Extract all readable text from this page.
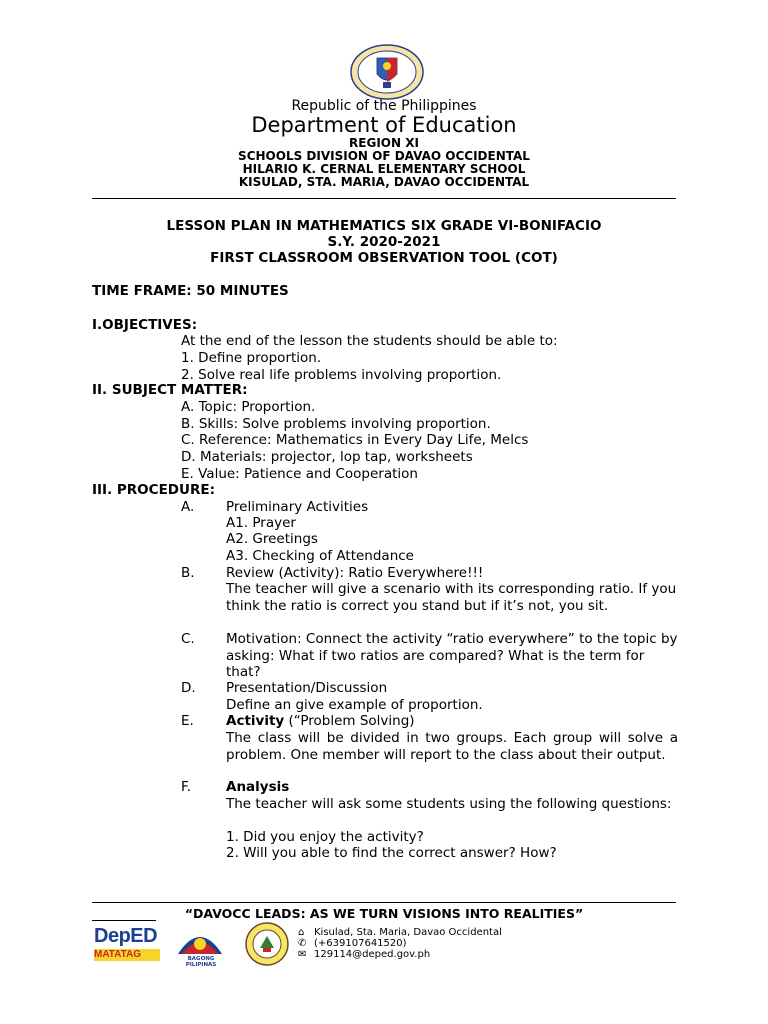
Republic of the Philippines
Department of Education
REGION XI
SCHOOLS DIVISION OF DAVAO OCCIDENTAL
HILARIO K. CERNAL ELEMENTARY SCHOOL
KISULAD, STA. MARIA, DAVAO OCCIDENTAL
LESSON PLAN IN MATHEMATICS SIX GRADE VI-BONIFACIO
S.Y. 2020-2021
FIRST CLASSROOM OBSERVATION TOOL (COT)
TIME FRAME: 50 MINUTES
I.OBJECTIVES:
At the end of the lesson the students should be able to:
1. Define proportion.
2. Solve real life problems involving proportion.
II. SUBJECT MATTER:
A. Topic: Proportion.
B. Skills: Solve problems involving proportion.
C. Reference: Mathematics in Every Day Life, Melcs
D. Materials: projector, lop tap, worksheets
E. Value: Patience and Cooperation
III. PROCEDURE:
A. Preliminary Activities
A1. Prayer
A2. Greetings
A3. Checking of Attendance
B. Review (Activity): Ratio Everywhere!!!
The teacher will give a scenario with its corresponding ratio. If you think the ratio is correct you stand but if it’s not, you sit.
C. Motivation: Connect the activity “ratio everywhere” to the topic by asking: What if two ratios are compared? What is the term for that?
D. Presentation/Discussion
Define an give example of proportion.
E. Activity (“Problem Solving)
The class will be divided in two groups. Each group will solve a problem. One member will report to the class about their output.
F.	Analysis
The teacher will ask some students using the following questions:
1. Did you enjoy the activity?
2. Will you able to find the correct answer? How?
“DAVOCC LEADS: AS WE TURN VISIONS INTO REALITIES”
DepED
MATATAG	BAGONG PILIPINAS
⌂ Kisulad, Sta. Maria, Davao Occidental
✆ (+639107641520)
✉ 129114@deped.gov.ph
